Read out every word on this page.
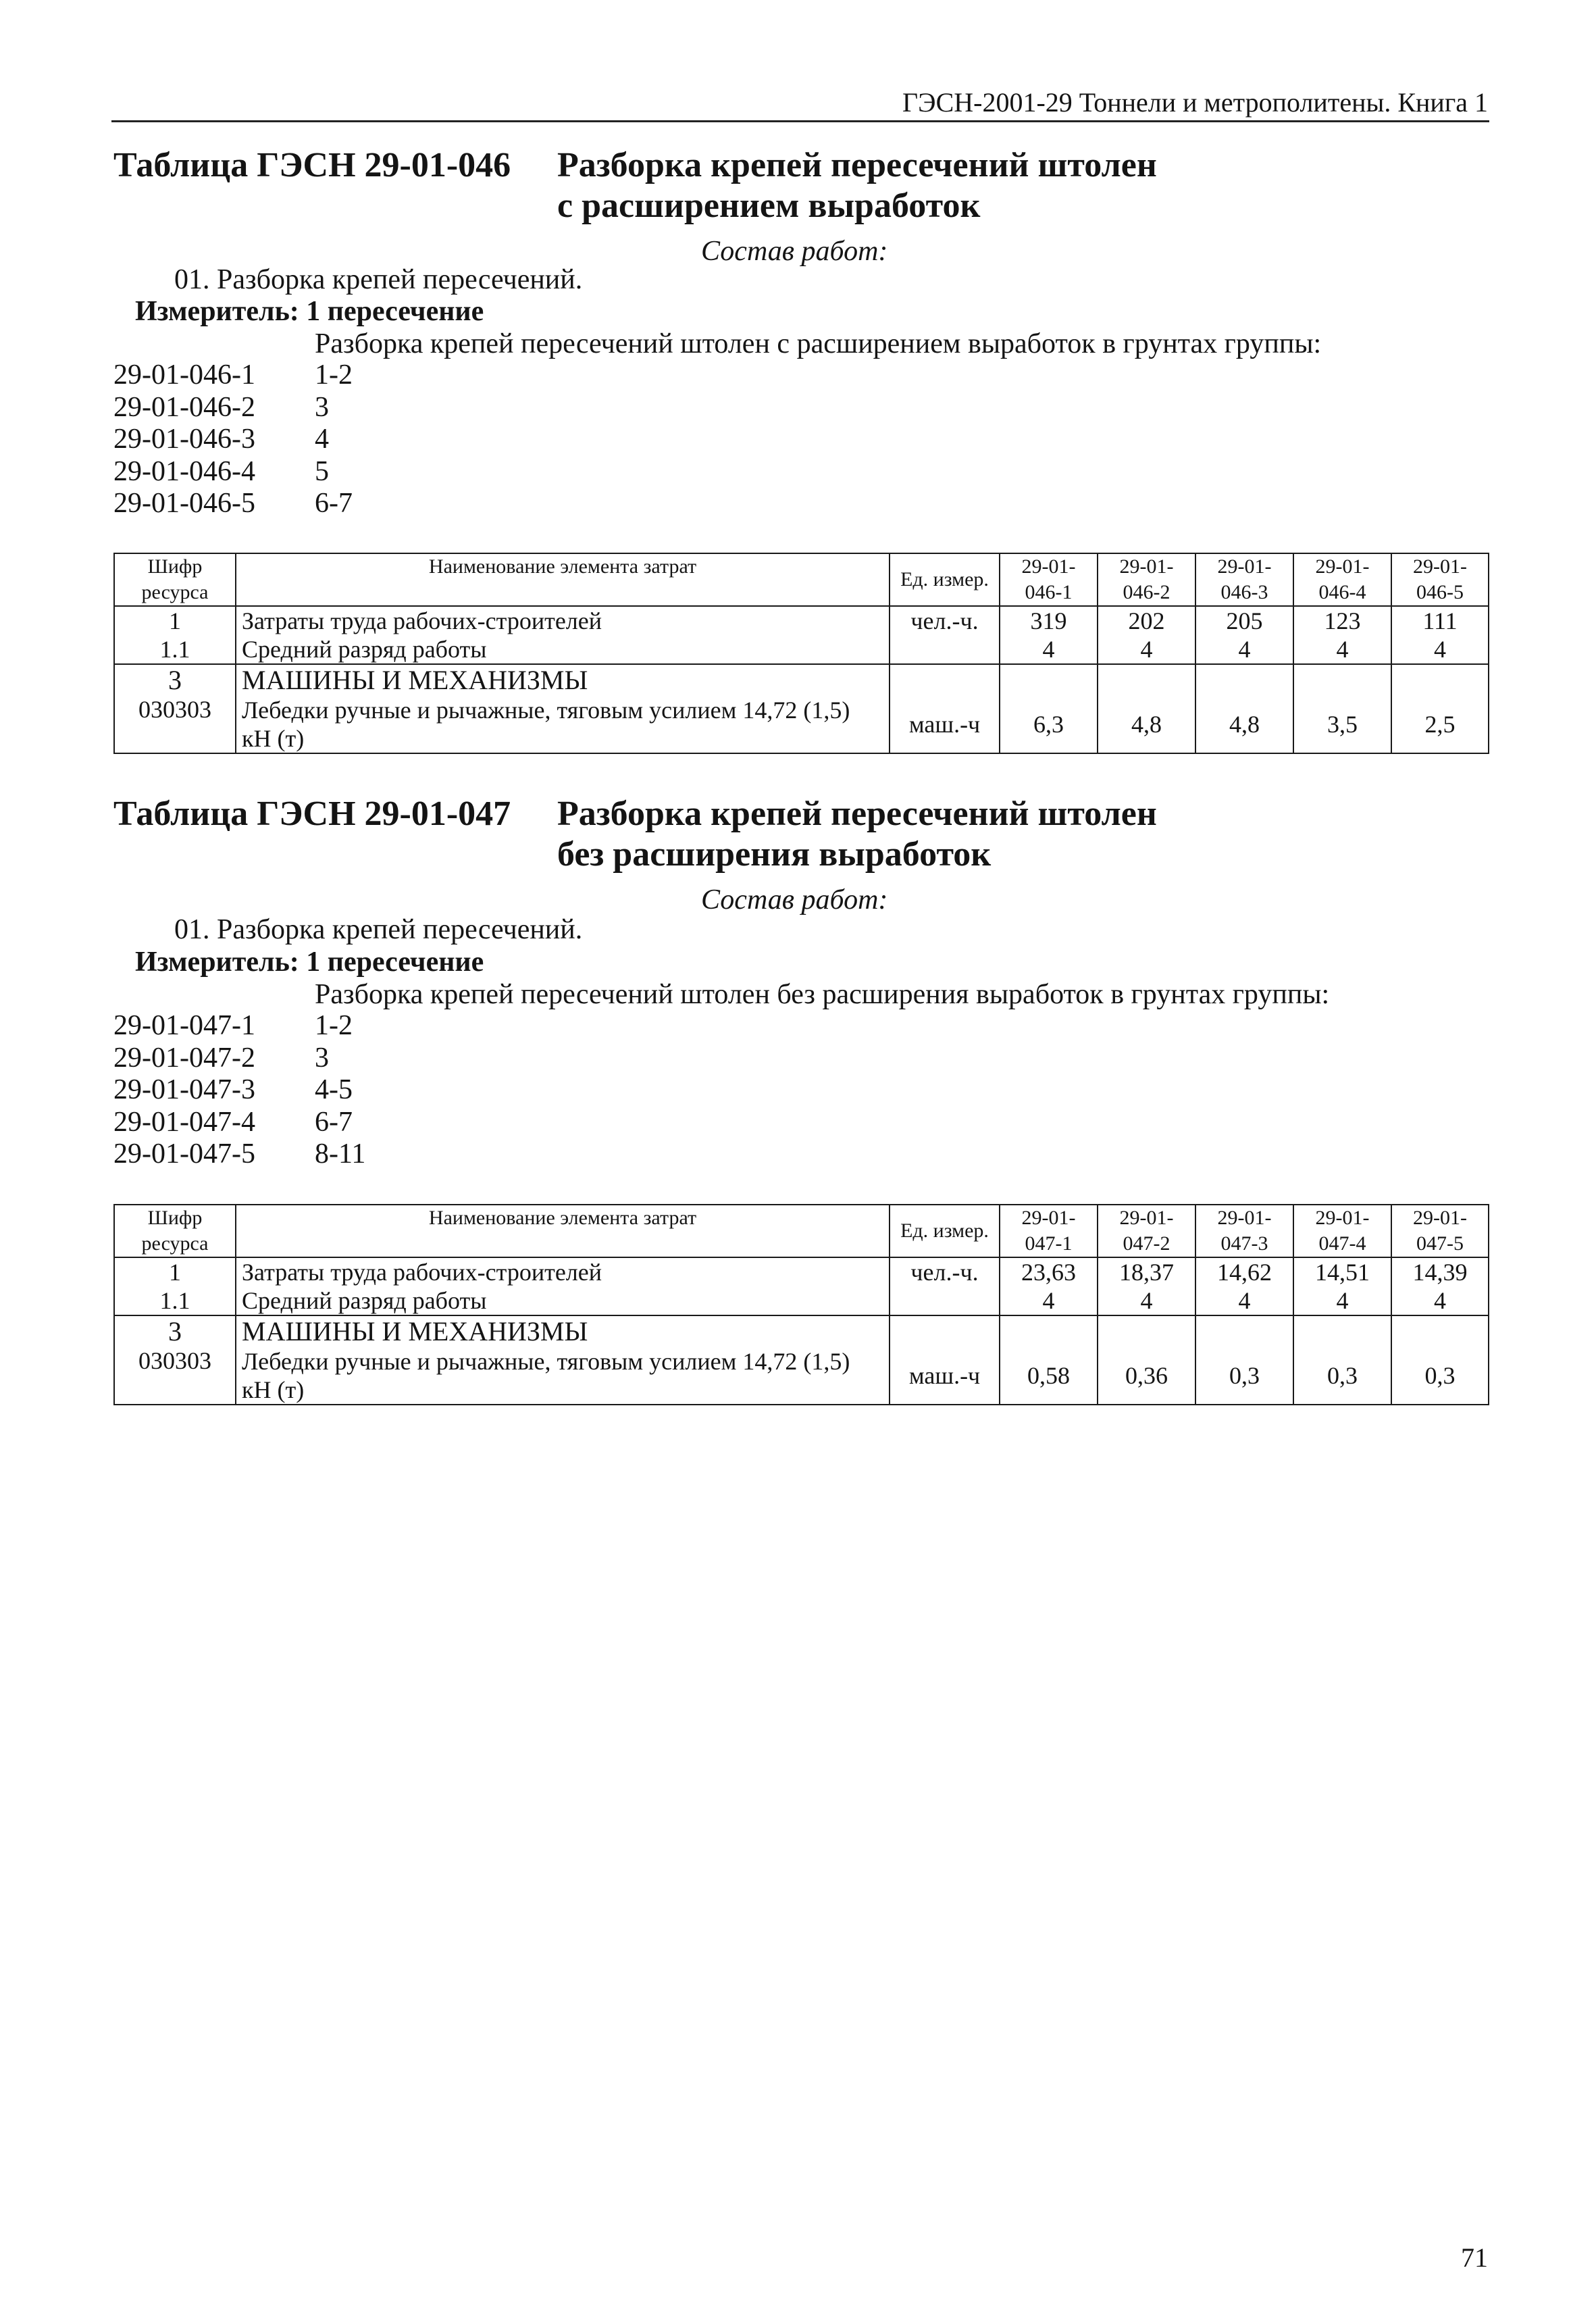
ГЭСН-2001-29 Тоннели и метрополитены. Книга 1
Таблица ГЭСН 29-01-046 Разборка крепей пересечений штолен
с расширением выработок
Состав работ:
01. Разборка крепей пересечений.
Измеритель: 1 пересечение
Разборка крепей пересечений штолен с расширением выработок в грунтах группы:
29-01-046-1	1-2
29-01-046-2	3
29-01-046-3	4
29-01-046-4	5
29-01-046-5	6-7
Шифр ресурса	Наименование элемента затрат	Ед. измер.	29-01-046-1	29-01-046-2	29-01-046-3	29-01-046-4	29-01-046-5
1	Затраты труда рабочих-строителей	чел.-ч.	319	202	205	123	111
1.1	Средний разряд работы		4	4	4	4	4
3	МАШИНЫ И МЕХАНИЗМЫ						
030303	Лебедки ручные и рычажные, тяговым усилием 14,72 (1,5) кН (т)	маш.-ч	6,3	4,8	4,8	3,5	2,5
Таблица ГЭСН 29-01-047 Разборка крепей пересечений штолен
без расширения выработок
Состав работ:
01. Разборка крепей пересечений.
Измеритель: 1 пересечение
Разборка крепей пересечений штолен без расширения выработок в грунтах группы:
29-01-047-1	1-2
29-01-047-2	3
29-01-047-3	4-5
29-01-047-4	6-7
29-01-047-5	8-11
Шифр ресурса	Наименование элемента затрат	Ед. измер.	29-01-047-1	29-01-047-2	29-01-047-3	29-01-047-4	29-01-047-5
1	Затраты труда рабочих-строителей	чел.-ч.	23,63	18,37	14,62	14,51	14,39
1.1	Средний разряд работы		4	4	4	4	4
3	МАШИНЫ И МЕХАНИЗМЫ						
030303	Лебедки ручные и рычажные, тяговым усилием 14,72 (1,5) кН (т)	маш.-ч	0,58	0,36	0,3	0,3	0,3
71
